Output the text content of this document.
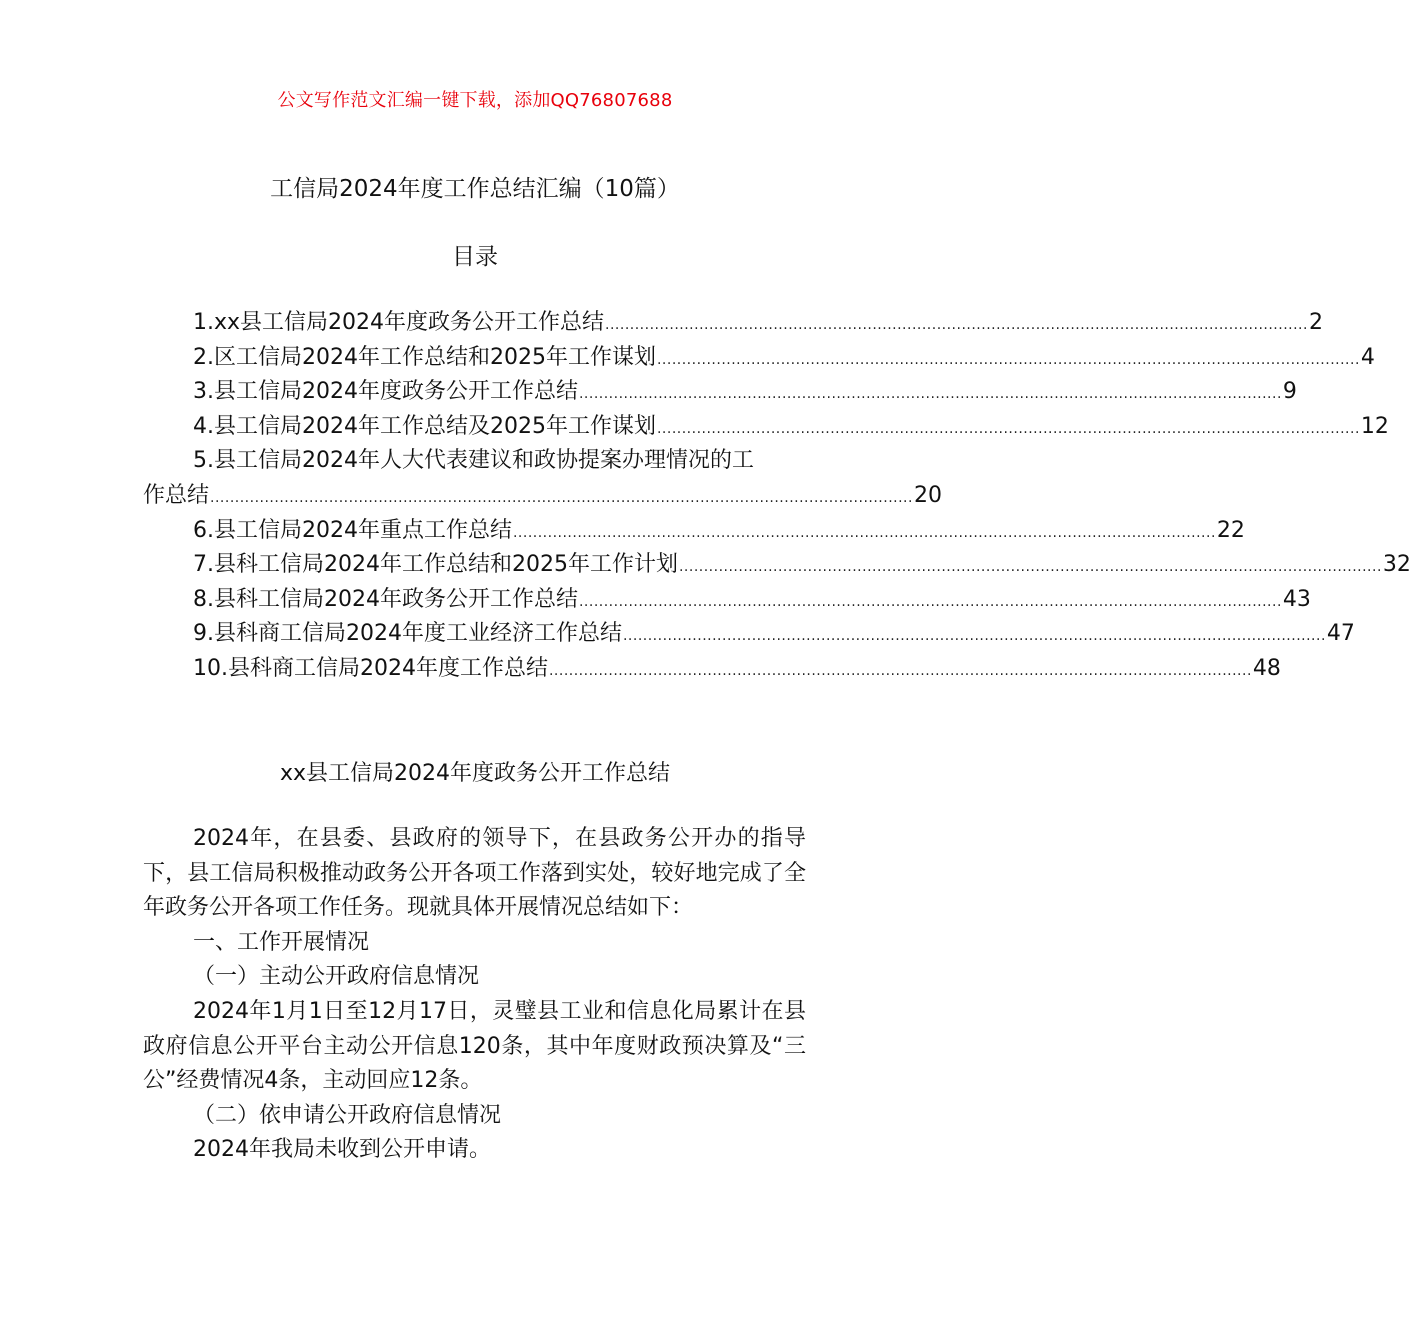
公文写作范文汇编一键下载，添加QQ76807688
工信局2024年度工作总结汇编（10篇）
目录
1.xx县工信局2024年度政务公开工作总结 .............................................................................................................................................. 2
2.区工信局2024年工作总结和2025年工作谋划 .............................................................................................................................................. 4
3.县工信局2024年度政务公开工作总结 .............................................................................................................................................. 9
4.县工信局2024年工作总结及2025年工作谋划 .............................................................................................................................................. 12
5.县工信局2024年人大代表建议和政协提案办理情况的工
作总结 .............................................................................................................................................. 20
6.县工信局2024年重点工作总结 .............................................................................................................................................. 22
7.县科工信局2024年工作总结和2025年工作计划 .............................................................................................................................................. 32
8.县科工信局2024年政务公开工作总结 .............................................................................................................................................. 43
9.县科商工信局2024年度工业经济工作总结 .............................................................................................................................................. 47
10.县科商工信局2024年度工作总结 .............................................................................................................................................. 48
xx县工信局2024年度政务公开工作总结

2024年，在县委、县政府的领导下，在县政务公开办的指导下，县工信局积极推动政务公开各项工作落到实处，较好地完成了全年政务公开各项工作任务。现就具体开展情况总结如下：

一、工作开展情况

（一）主动公开政府信息情况

2024年1月1日至12月17日，灵璧县工业和信息化局累计在县政府信息公开平台主动公开信息120条，其中年度财政预决算及“三公”经费情况4条，主动回应12条。

（二）依申请公开政府信息情况

2024年我局未收到公开申请。
